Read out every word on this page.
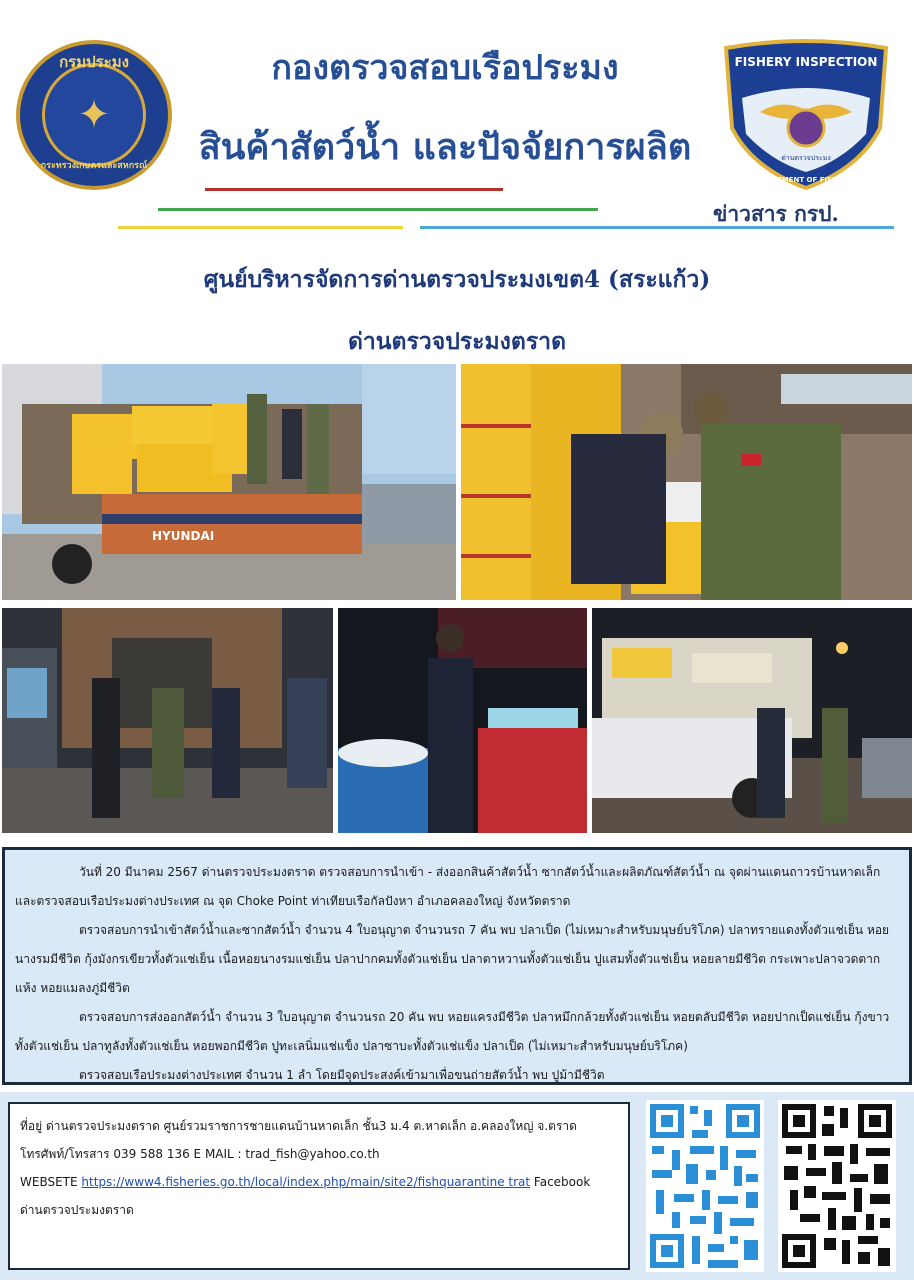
กรมประมง
✦
กระทรวงเกษตรและสหกรณ์
กองตรวจสอบเรือประมง
สินค้าสัตว์น้ำ และปัจจัยการผลิต
FISHERY INSPECTION
ด่านตรวจประมง
DEPARTMENT OF FISHERIES
ข่าวสาร กรป.
ศูนย์บริหารจัดการด่านตรวจประมงเขต4 (สระแก้ว)
ด่านตรวจประมงตราด
HYUNDAI

วันที่ 20 มีนาคม 2567 ด่านตรวจประมงตราด ตรวจสอบการนำเข้า - ส่งออกสินค้าสัตว์น้ำ ซากสัตว์น้ำและผลิตภัณฑ์สัตว์น้ำ ณ จุดผ่านแดนถาวรบ้านหาดเล็ก และตรวจสอบเรือประมงต่างประเทศ ณ จุด Choke Point ท่าเทียบเรือกัลปังหา อำเภอคลองใหญ่ จังหวัดตราด

ตรวจสอบการนำเข้าสัตว์น้ำและซากสัตว์น้ำ จำนวน 4 ใบอนุญาต จำนวนรถ 7 คัน พบ ปลาเป็ด (ไม่เหมาะสำหรับมนุษย์บริโภค) ปลาทรายแดงทั้งตัวแช่เย็น หอยนางรมมีชีวิต กุ้งมังกรเขียวทั้งตัวแช่เย็น เนื้อหอยนางรมแช่เย็น ปลาปากคมทั้งตัวแช่เย็น ปลาตาหวานทั้งตัวแช่เย็น ปูแสมทั้งตัวแช่เย็น หอยลายมีชีวิต กระเพาะปลาจวดตากแห้ง หอยแมลงภู่มีชีวิต

ตรวจสอบการส่งออกสัตว์น้ำ จำนวน 3 ใบอนุญาต จำนวนรถ 20 คัน พบ หอยแครงมีชีวิต ปลาหมึกกล้วยทั้งตัวแช่เย็น หอยตลับมีชีวิต หอยปากเป็ดแช่เย็น กุ้งขาวทั้งตัวแช่เย็น ปลาทูลังทั้งตัวแช่เย็น หอยพอกมีชีวิต ปูทะเลนิ่มแช่แข็ง ปลาซาบะทั้งตัวแช่แข็ง ปลาเป็ด (ไม่เหมาะสำหรับมนุษย์บริโภค)

ตรวจสอบเรือประมงต่างประเทศ จำนวน 1 ลำ โดยมีจุดประสงค์เข้ามาเพื่อขนถ่ายสัตว์น้ำ พบ ปูม้ามีชีวิต

ที่อยู่ ด่านตรวจประมงตราด ศูนย์รวมราชการชายแดนบ้านหาดเล็ก ชั้น3 ม.4 ต.หาดเล็ก อ.คลองใหญ่ จ.ตราด
โทรศัพท์/โทรสาร 039 588 136 E MAIL : trad_fish@yahoo.co.th
WEBSETE https://www4.fisheries.go.th/local/index.php/main/site2/fishquarantine trat Facebook
ด่านตรวจประมงตราด
